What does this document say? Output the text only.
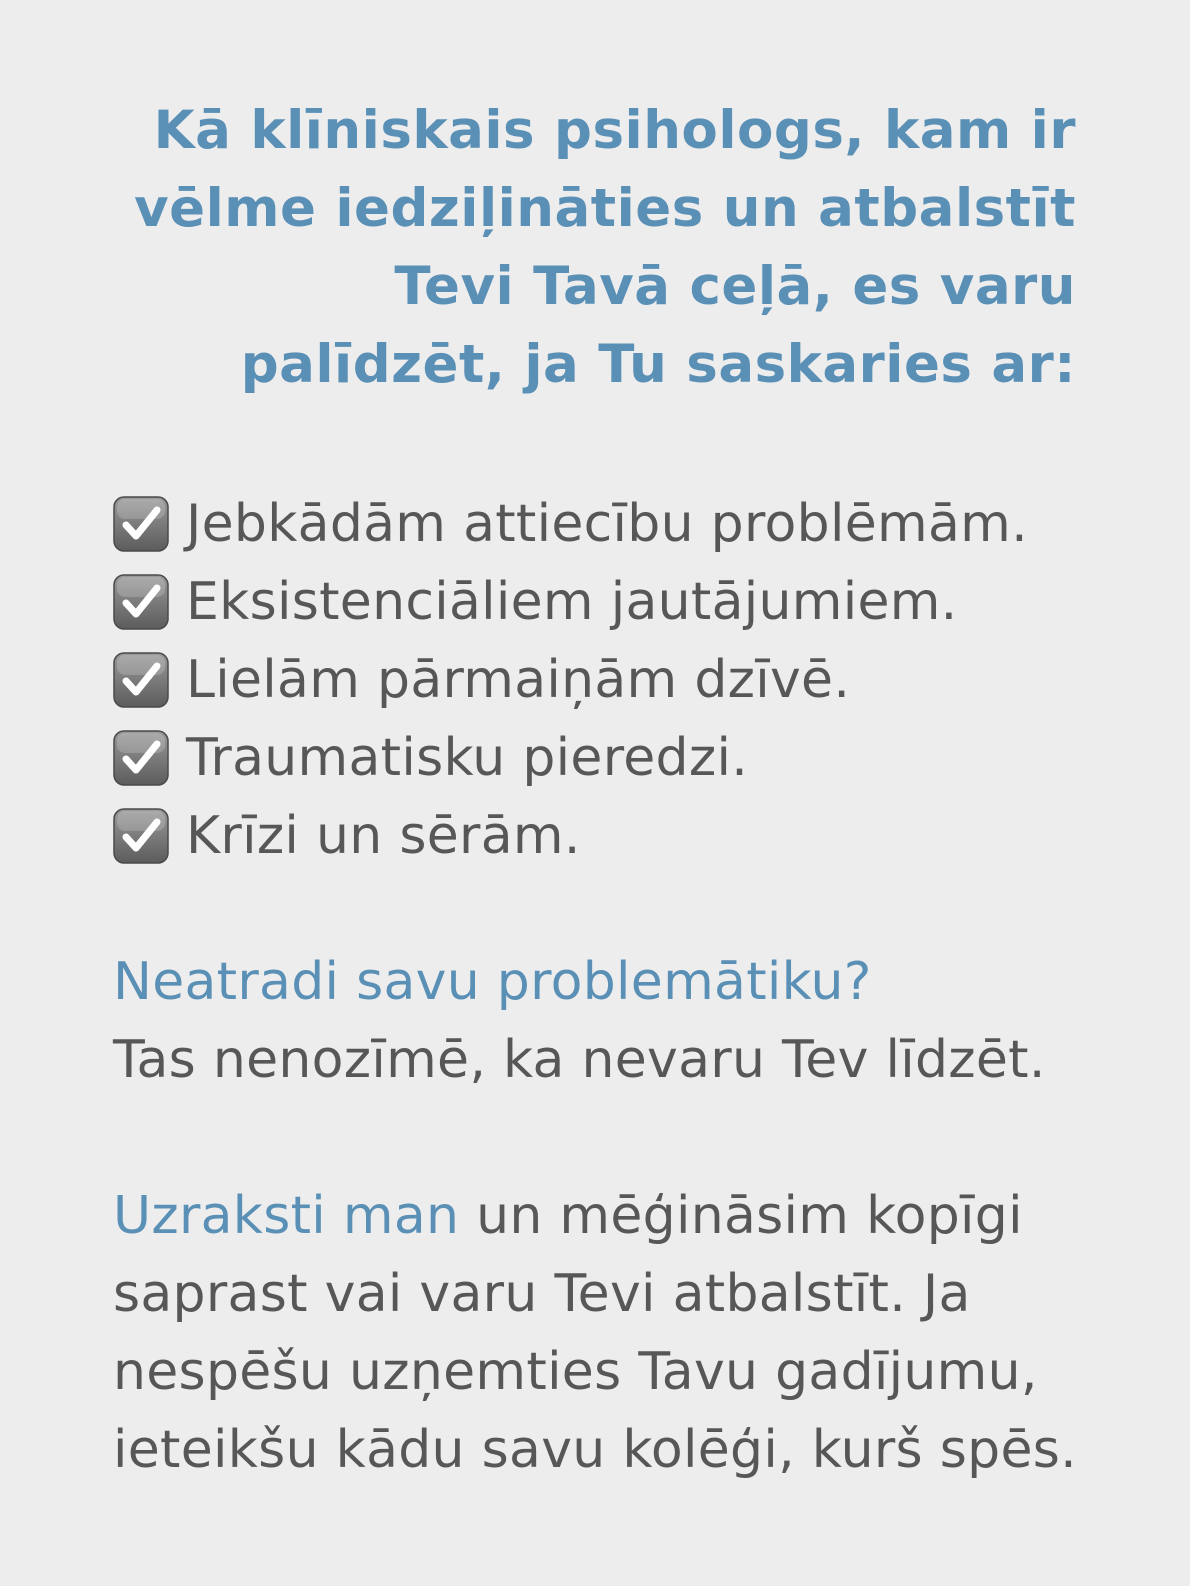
Kā klīniskais psihologs, kam ir
vēlme iedziļināties un atbalstīt
Tevi Tavā ceļā, es varu
palīdzēt, ja Tu saskaries ar:
Jebkādām attiecību problēmām.
Eksistenciāliem jautājumiem.
Lielām pārmaiņām dzīvē.
Traumatisku pieredzi.
Krīzi un sērām.
Neatradi savu problemātiku?
Tas nenozīmē, ka nevaru Tev līdzēt.
Uzraksti man un mēģināsim kopīgi
saprast vai varu Tevi atbalstīt. Ja
nespēšu uzņemties Tavu gadījumu,
ieteikšu kādu savu kolēģi, kurš spēs.
